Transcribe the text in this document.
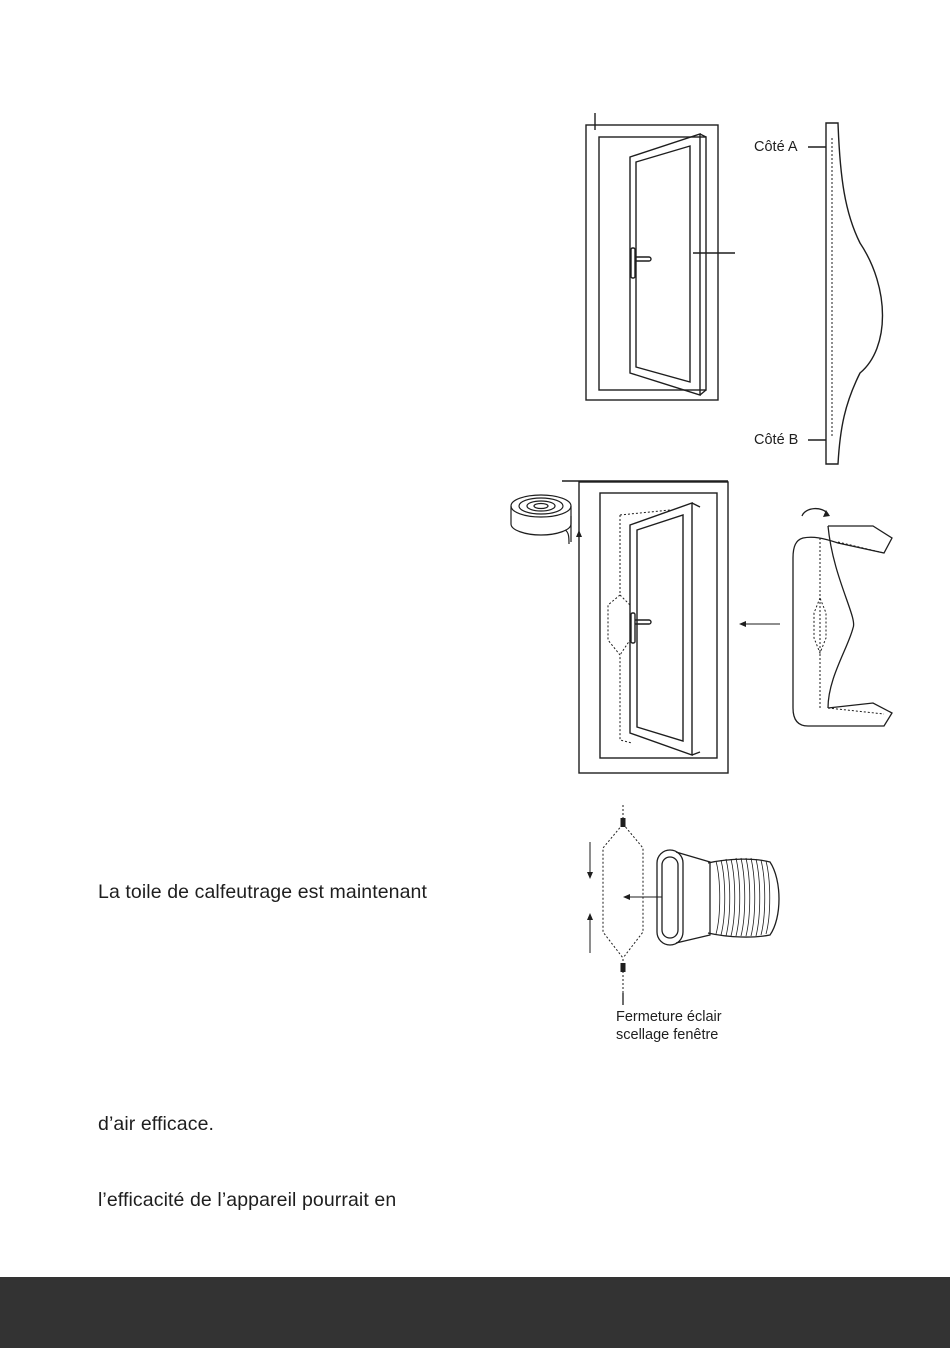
Côté A

Côté B

Fermeture éclair

scellage fenêtre

La toile de calfeutrage est maintenant

d’air efficace.

l’efficacité de l’appareil pourrait en
